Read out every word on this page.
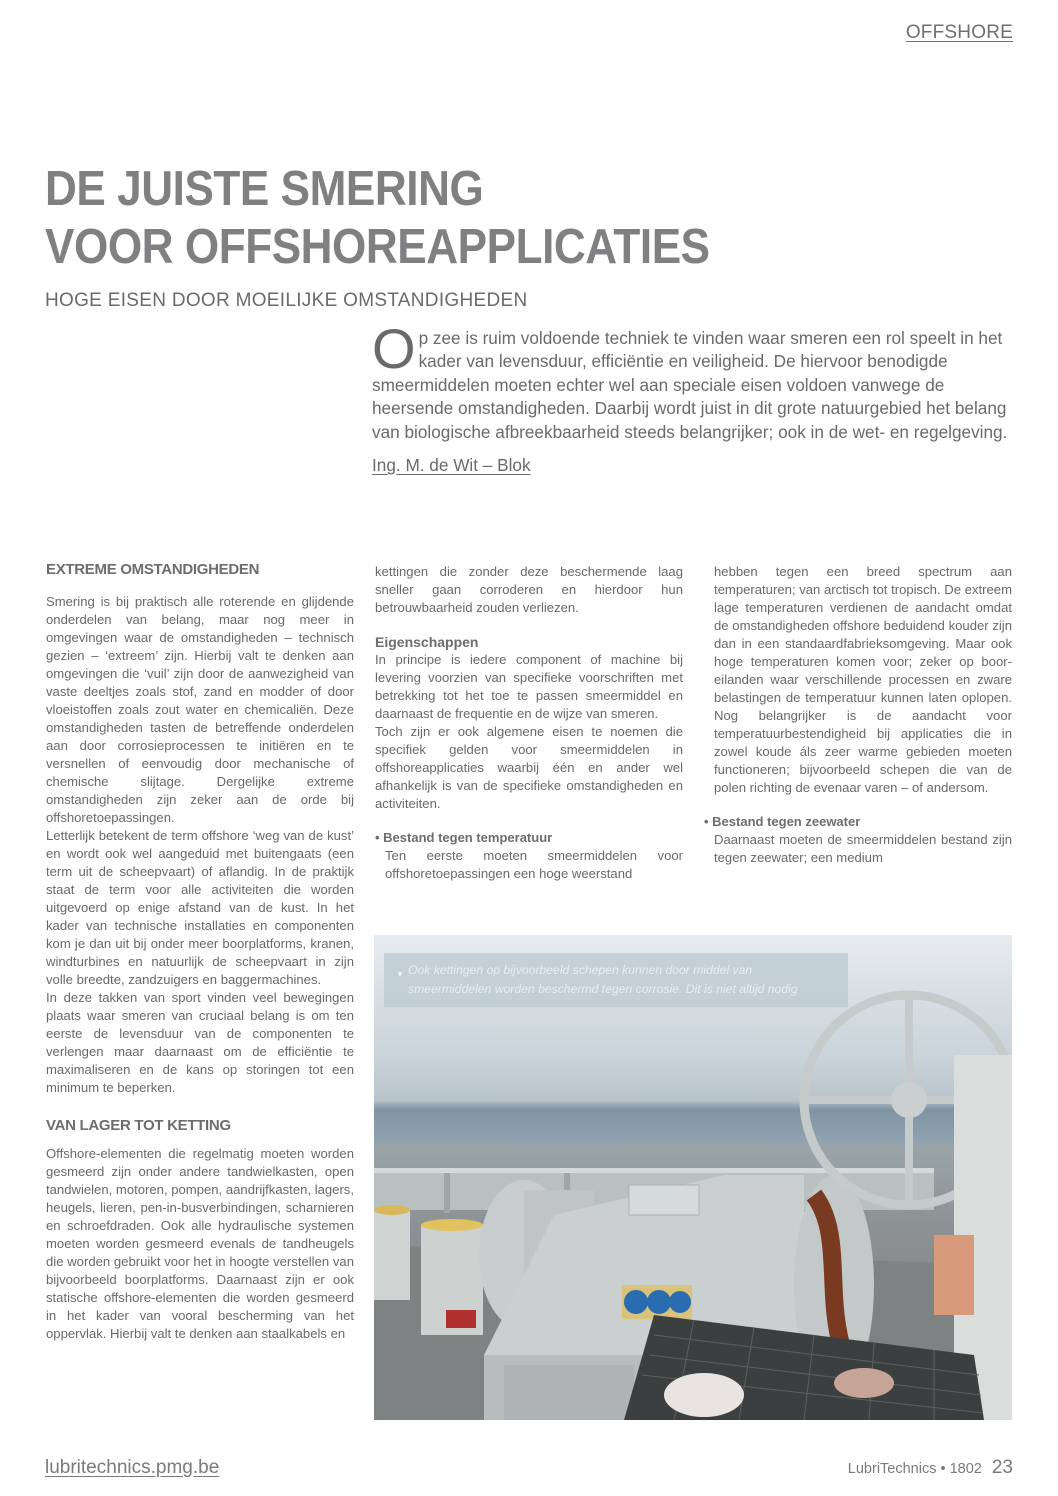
OFFSHORE
DE JUISTE SMERING
VOOR OFFSHOREAPPLICATIES
HOGE EISEN DOOR MOEILIJKE OMSTANDIGHEDEN
Op zee is ruim voldoende techniek te vinden waar smeren een rol speelt in het kader van levensduur, efficiëntie en veiligheid. De hiervoor benodigde smeermiddelen moeten echter wel aan speciale eisen voldoen vanwege de heersende omstandigheden. Daarbij wordt juist in dit grote natuurgebied het belang van biologische afbreekbaarheid steeds belangrijker; ook in de wet- en regelgeving.
Ing. M. de Wit – Blok
EXTREME OMSTANDIGHEDEN

Smering is bij praktisch alle roterende en glijdende onderdelen van belang, maar nog meer in omgevingen waar de omstandigheden – technisch gezien – ‘extreem’ zijn. Hierbij valt te denken aan omgevingen die ‘vuil’ zijn door de aanwezigheid van vaste deeltjes zoals stof, zand en modder of door vloeistoffen zoals zout water en chemicaliën. Deze omstandigheden tasten de betreffende onderdelen aan door corrosieprocessen te initiëren en te versnellen of eenvoudig door mechanische of chemische slijtage. Dergelijke extreme omstandigheden zijn zeker aan de orde bij offshoretoepassingen.

Letterlijk betekent de term offshore ‘weg van de kust’ en wordt ook wel aangeduid met buitengaats (een term uit de scheepvaart) of aflandig. In de praktijk staat de term voor alle activiteiten die worden uitgevoerd op enige afstand van de kust. In het kader van technische installaties en componenten kom je dan uit bij onder meer boorplatforms, kranen, windturbines en natuurlijk de scheepvaart in zijn volle breedte, zandzuigers en baggermachines.

In deze takken van sport vinden veel bewegingen plaats waar smeren van cruciaal belang is om ten eerste de levensduur van de componenten te verlengen maar daarnaast om de efficiëntie te maximaliseren en de kans op storingen tot een minimum te beperken.

VAN LAGER TOT KETTING

Offshore-elementen die regelmatig moeten worden gesmeerd zijn onder andere tandwielkasten, open tandwielen, motoren, pompen, aandrijfkasten, lagers, heugels, lieren, pen-in-busverbindingen, scharnieren en schroefdraden. Ook alle hydraulische systemen moeten worden gesmeerd evenals de tandheugels die worden gebruikt voor het in hoogte verstellen van bijvoorbeeld boorplatforms. Daarnaast zijn er ook statische offshore-elementen die worden gesmeerd in het kader van vooral bescherming van het oppervlak. Hierbij valt te denken aan staalkabels en

kettingen die zonder deze beschermende laag sneller gaan corroderen en hierdoor hun betrouwbaarheid zouden verliezen.

Eigenschappen

In principe is iedere component of machine bij levering voorzien van specifieke voorschriften met betrekking tot het toe te passen smeermiddel en daarnaast de frequentie en de wijze van smeren.

Toch zijn er ook algemene eisen te noemen die specifiek gelden voor smeermiddelen in offshoreapplicaties waarbij één en ander wel afhankelijk is van de specifieke omstandigheden en activiteiten.

• Bestand tegen temperatuur

Ten eerste moeten smeermiddelen voor offshoretoepassingen een hoge weerstand

hebben tegen een breed spectrum aan temperaturen; van arctisch tot tropisch. De extreem lage temperaturen verdienen de aandacht omdat de omstandigheden offshore beduidend kouder zijn dan in een standaardfabrieksomgeving. Maar ook hoge temperaturen komen voor; zeker op booreilanden waar verschillende processen en zware belastingen de temperatuur kunnen laten oplopen. Nog belangrijker is de aandacht voor temperatuurbestendigheid bij applicaties die in zowel koude áls zeer warme gebieden moeten functioneren; bijvoorbeeld schepen die van de polen richting de evenaar varen – of andersom.

• Bestand tegen zeewater

Daarnaast moeten de smeermiddelen bestand zijn tegen zeewater; een medium

▼ Ook kettingen op bijvoorbeeld schepen kunnen door middel van smeermiddelen worden beschermd tegen corrosie. Dit is niet altijd nodig
lubritechnics.pmg.be	LubriTechnics • 1802 23
